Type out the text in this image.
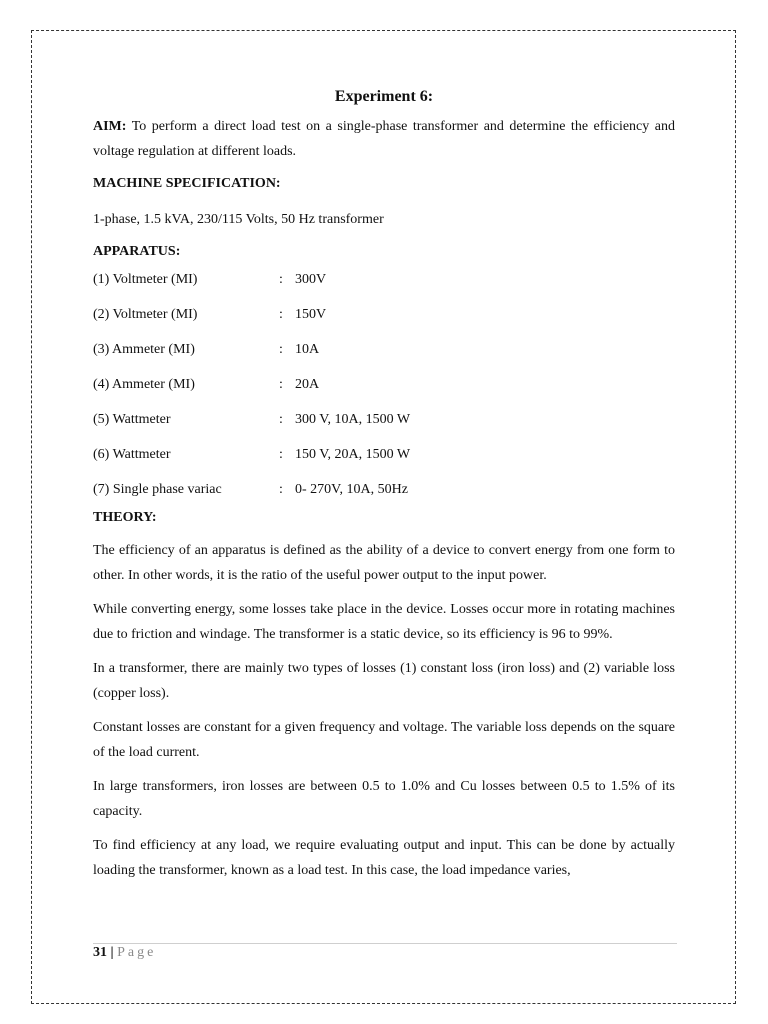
Experiment 6:

AIM: To perform a direct load test on a single-phase transformer and determine the efficiency and voltage regulation at different loads.

MACHINE SPECIFICATION:

1-phase, 1.5 kVA, 230/115 Volts, 50 Hz transformer

APPARATUS:
(1) Voltmeter (MI)	: 300V
(2) Voltmeter (MI)	: 150V
(3) Ammeter (MI)	: 10A
(4) Ammeter (MI)	: 20A
(5) Wattmeter	: 300 V, 10A, 1500 W
(6) Wattmeter	: 150 V, 20A, 1500 W
(7) Single phase variac	: 0- 270V, 10A, 50Hz
THEORY:

The efficiency of an apparatus is defined as the ability of a device to convert energy from one form to other. In other words, it is the ratio of the useful power output to the input power.

While converting energy, some losses take place in the device. Losses occur more in rotating machines due to friction and windage. The transformer is a static device, so its efficiency is 96 to 99%.

In a transformer, there are mainly two types of losses (1) constant loss (iron loss) and (2) variable loss (copper loss).

Constant losses are constant for a given frequency and voltage. The variable loss depends on the square of the load current.

In large transformers, iron losses are between 0.5 to 1.0% and Cu losses between 0.5 to 1.5% of its capacity.

To find efficiency at any load, we require evaluating output and input. This can be done by actually loading the transformer, known as a load test. In this case, the load impedance varies,

31 | Page
